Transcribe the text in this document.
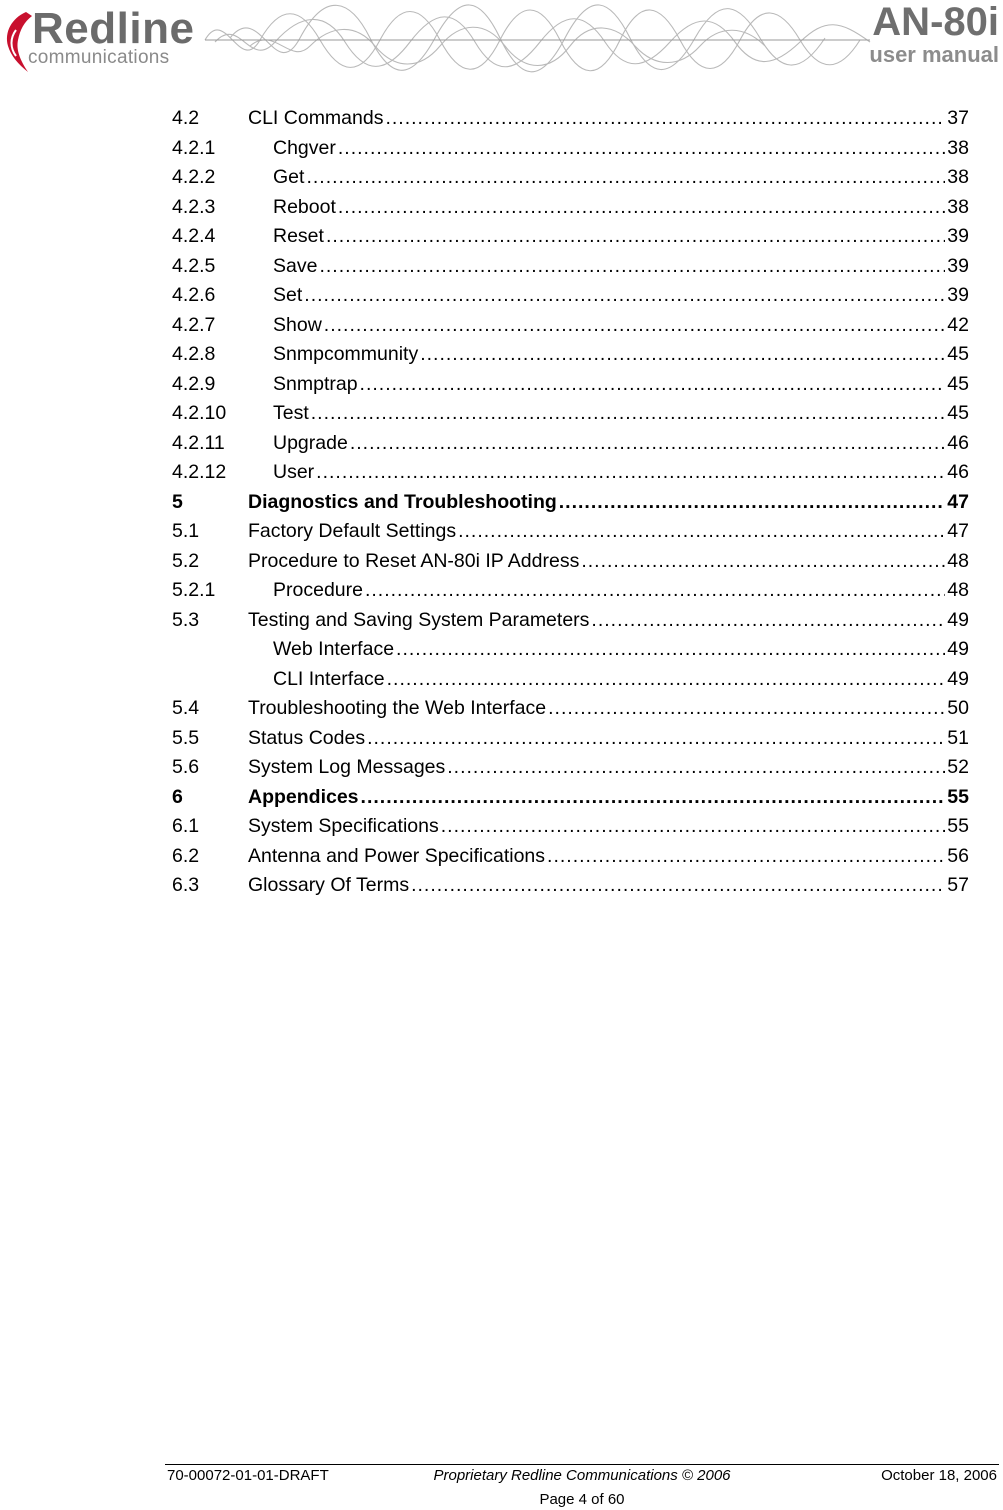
Redline
communications
AN-80i
user manual
4.2	CLI Commands .....	37
4.2.1	Chgver .....	38
4.2.2	Get .....	38
4.2.3	Reboot .....	38
4.2.4	Reset .....	39
4.2.5	Save .....	39
4.2.6	Set .....	39
4.2.7	Show .....	42
4.2.8	Snmpcommunity .....	45
4.2.9	Snmptrap .....	45
4.2.10 Test .....	45
4.2.11 Upgrade .....	46
4.2.12 User .....	46
5	Diagnostics and Troubleshooting .....	47
5.1	Factory Default Settings .....	47
5.2	Procedure to Reset AN-80i IP Address .....	48
5.2.1	Procedure .....	48
5.3	Testing and Saving System Parameters .....	49
Web Interface .....	49
CLI Interface .....	49
5.4	Troubleshooting the Web Interface .....	50
5.5	Status Codes .....	51
5.6	System Log Messages .....	52
6	Appendices .....	55
6.1	System Specifications .....	55
6.2	Antenna and Power Specifications .....	56
6.3	Glossary Of Terms .....	57
70-00072-01-01-DRAFT	Proprietary Redline Communications © 2006	October 18, 2006
Page 4 of 60
